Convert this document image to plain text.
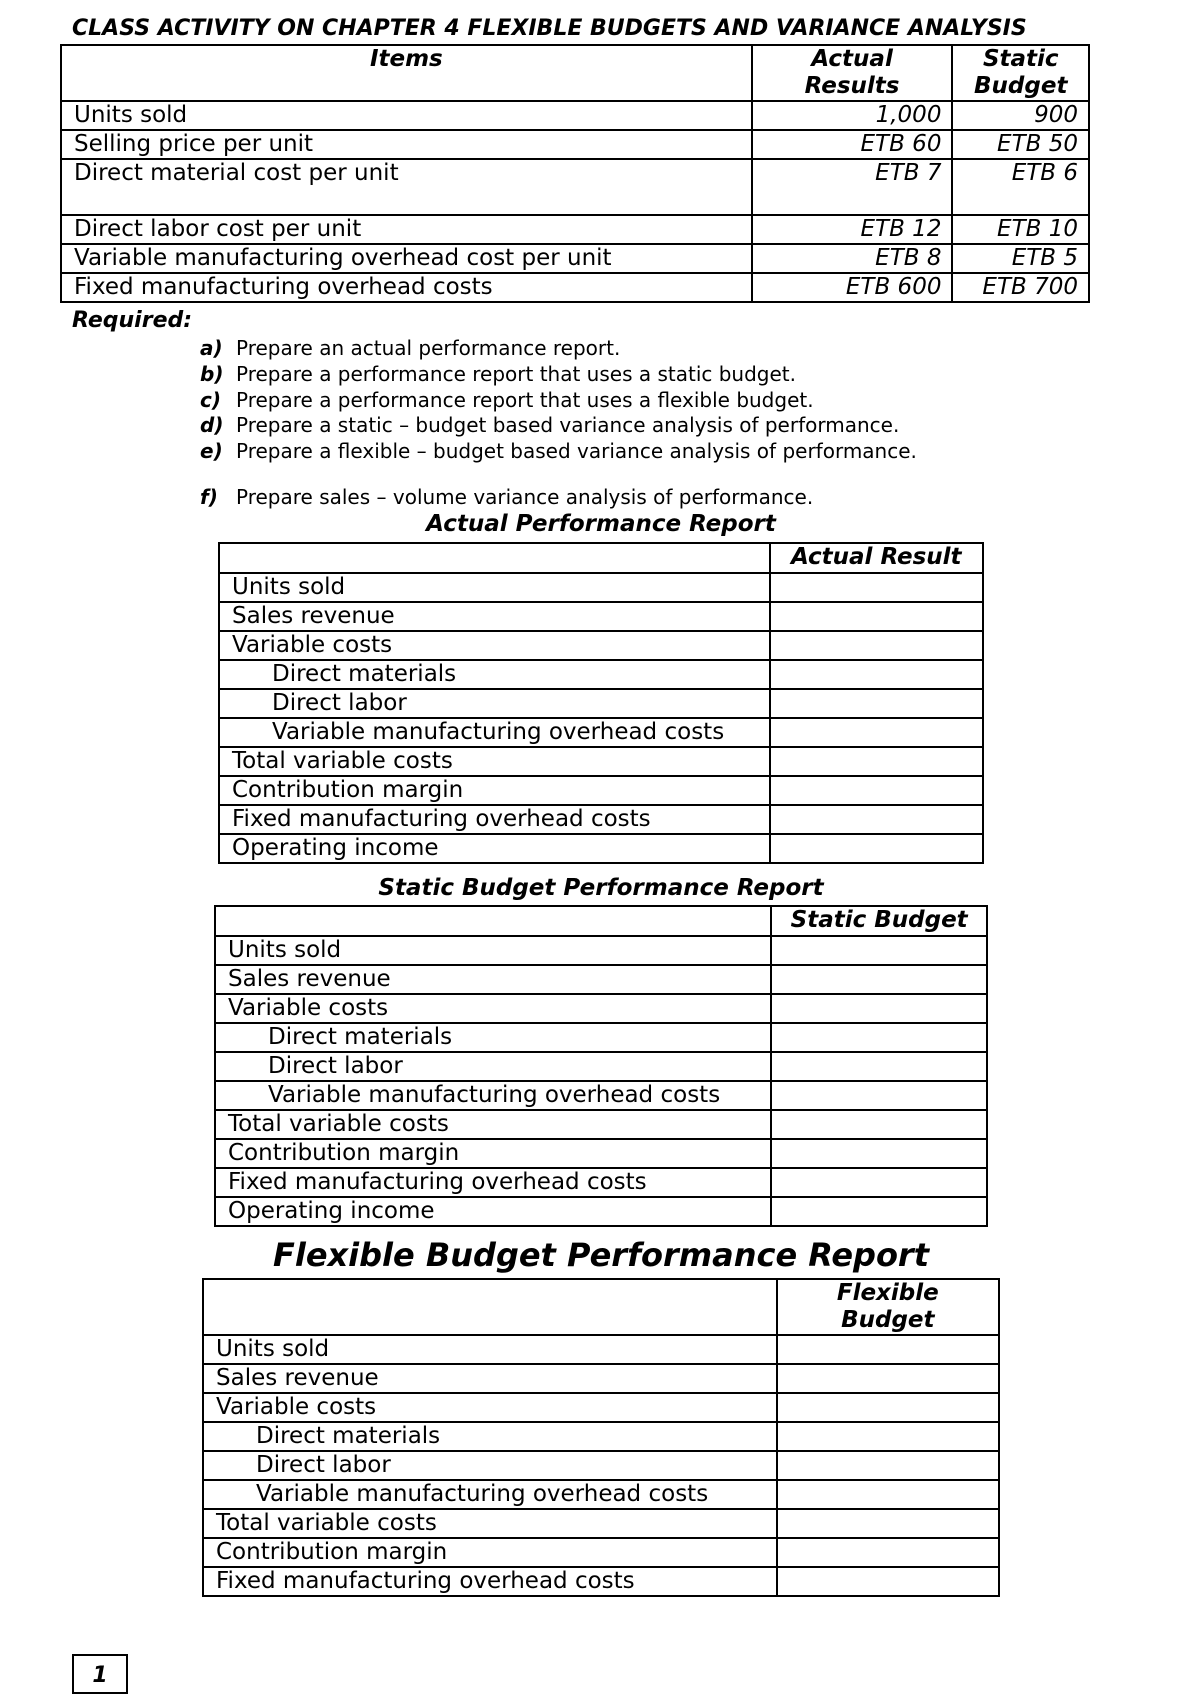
CLASS ACTIVITY ON CHAPTER 4 FLEXIBLE BUDGETS AND VARIANCE ANALYSIS
Items	Actual Results	Static Budget
Units sold	1,000	900
Selling price per unit	ETB 60	ETB 50
Direct material cost per unit	ETB 7	ETB 6
Direct labor cost per unit	ETB 12	ETB 10
Variable manufacturing overhead cost per unit	ETB 8	ETB 5
Fixed manufacturing overhead costs	ETB 600	ETB 700
Required:
a) Prepare an actual performance report.
b) Prepare a performance report that uses a static budget.
c) Prepare a performance report that uses a flexible budget.
d) Prepare a static – budget based variance analysis of performance.
e) Prepare a flexible – budget based variance analysis of performance.
f) Prepare sales – volume variance analysis of performance.
Actual Performance Report
	Actual Result
Units sold	
Sales revenue	
Variable costs	
Direct materials	
Direct labor	
Variable manufacturing overhead costs	
Total variable costs	
Contribution margin	
Fixed manufacturing overhead costs	
Operating income	
Static Budget Performance Report
	Static Budget
Units sold	
Sales revenue	
Variable costs	
Direct materials	
Direct labor	
Variable manufacturing overhead costs	
Total variable costs	
Contribution margin	
Fixed manufacturing overhead costs	
Operating income	
Flexible Budget Performance Report
	Flexible Budget
Units sold	
Sales revenue	
Variable costs	
Direct materials	
Direct labor	
Variable manufacturing overhead costs	
Total variable costs	
Contribution margin	
Fixed manufacturing overhead costs	
1
